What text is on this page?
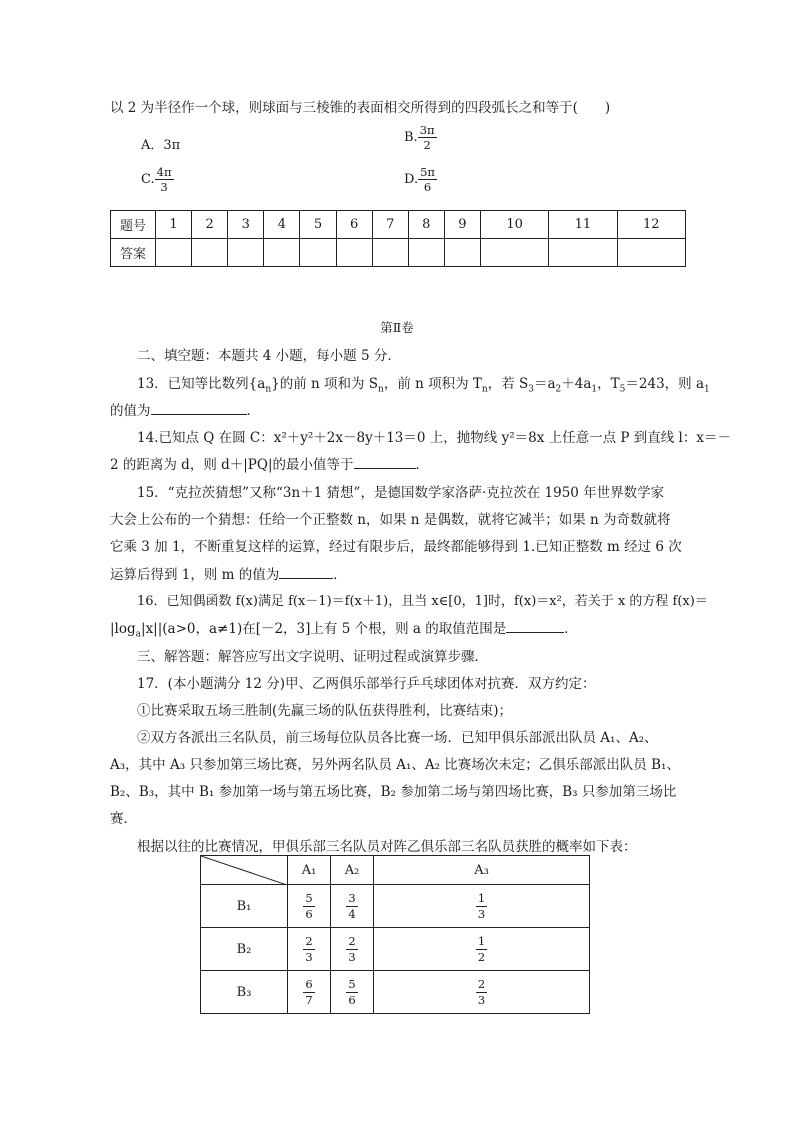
以 2 为半径作一个球，则球面与三棱锥的表面相交所得到的四段弧长之和等于(　　)
A．3π
B. $\frac{3\pi}{2}$
C. $\frac{4\pi}{3}$	D. $\frac{5\pi}{6}$
题号	1	2	3	4	5	6	7	8	9	10	11	12
答案												
第Ⅱ卷
二、填空题：本题共 4 小题，每小题 5 分．
13．已知等比数列$\{a_n\}$的前 n 项和为 $S_n$，前 n 项积为 $T_n$，若 $S_3=a_2+4a_1$，$T_5=243$，则 $a_1$
的值为	．
14.已知点 Q 在圆 C：x²＋y²＋2x－8y＋13＝0 上，抛物线 y²＝8x 上任意一点 P 到直线 l：x＝－
2 的距离为 d，则 d＋|PQ|的最小值等于	．
15．“克拉茨猜想”又称“3n＋1 猜想”，是德国数学家洛萨·克拉茨在 1950 年世界数学家
大会上公布的一个猜想：任给一个正整数 n，如果 n 是偶数，就将它减半；如果 n 为奇数就将
它乘 3 加 1，不断重复这样的运算，经过有限步后，最终都能够得到 1.已知正整数 m 经过 6 次
运算后得到 1，则 m 的值为	．
16．已知偶函数 f(x)满足 f(x－1)＝f(x＋1)，且当 x∈[0，1]时，f(x)＝x²，若关于 x 的方程 f(x)＝
$|\log_a|x||(a>0$，a≠1)在[－2，3]上有 5 个根，则 a 的取值范围是	．
三、解答题：解答应写出文字说明、证明过程或演算步骤．
17．(本小题满分 12 分)甲、乙两俱乐部举行乒乓球团体对抗赛．双方约定：
①比赛采取五场三胜制(先赢三场的队伍获得胜利，比赛结束)；
②双方各派出三名队员，前三场每位队员各比赛一场．已知甲俱乐部派出队员 A₁、A₂、
A₃，其中 A₃ 只参加第三场比赛，另外两名队员 A₁、A₂ 比赛场次未定；乙俱乐部派出队员 B₁、
B₂、B₃，其中 B₁ 参加第一场与第五场比赛，B₂ 参加第二场与第四场比赛，B₃ 只参加第三场比
赛．
根据以往的比赛情况，甲俱乐部三名队员对阵乙俱乐部三名队员获胜的概率如下表：
	A₁	A₂	A₃
B₁	$\frac{5}{6}$	$\frac{3}{4}$	$\frac{1}{3}$

B₂	$\frac{2}{3}$	$\frac{2}{3}$	$\frac{1}{2}$

B₃	$\frac{6}{7}$	$\frac{5}{6}$	$\frac{2}{3}$
